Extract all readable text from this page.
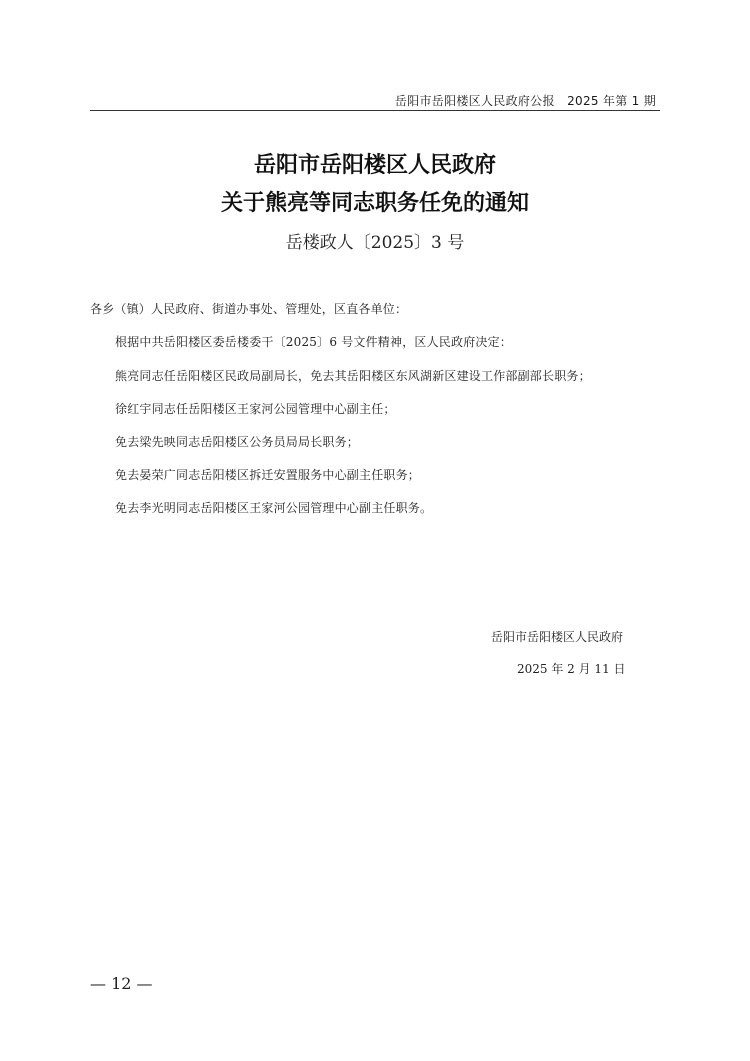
岳阳市岳阳楼区人民政府公报　2025 年第 1 期
岳阳市岳阳楼区人民政府
关于熊亮等同志职务任免的通知
岳楼政人〔2025〕3 号
各乡（镇）人民政府、街道办事处、管理处，区直各单位：
根据中共岳阳楼区委岳楼委干〔2025〕6 号文件精神，区人民政府决定：
熊亮同志任岳阳楼区民政局副局长，免去其岳阳楼区东风湖新区建设工作部副部长职务；
徐红宇同志任岳阳楼区王家河公园管理中心副主任；
免去梁先映同志岳阳楼区公务员局局长职务；
免去晏荣广同志岳阳楼区拆迁安置服务中心副主任职务；
免去李光明同志岳阳楼区王家河公园管理中心副主任职务。
岳阳市岳阳楼区人民政府
2025 年 2 月 11 日
— 12 —
